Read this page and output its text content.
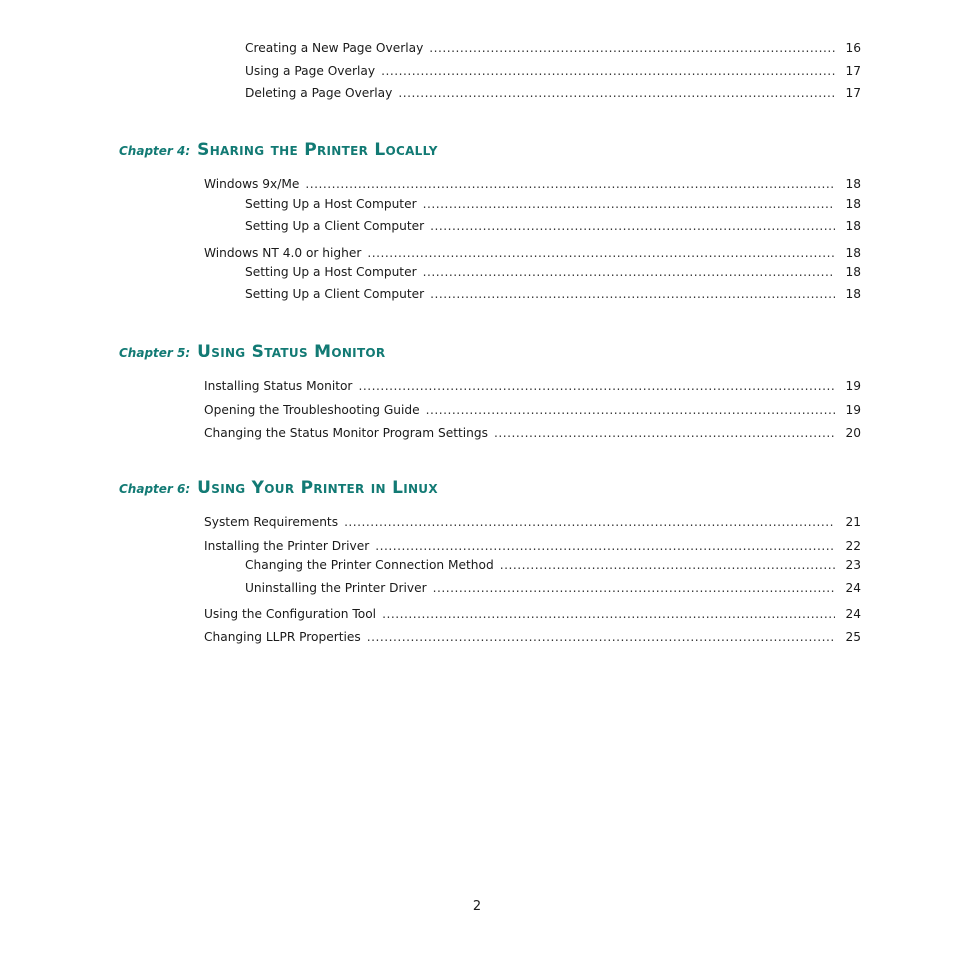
Creating a New Page Overlay .....	16
Using a Page Overlay .....	17
Deleting a Page Overlay .....	17
Chapter 4: Sharing the Printer Locally
Windows 9x/Me .....	18
Setting Up a Host Computer .....	18
Setting Up a Client Computer .....	18
Windows NT 4.0 or higher .....	18
Setting Up a Host Computer .....	18
Setting Up a Client Computer .....	18
Chapter 5: Using Status Monitor
Installing Status Monitor .....	19
Opening the Troubleshooting Guide .....	19
Changing the Status Monitor Program Settings .....	20
Chapter 6: Using Your Printer in Linux
System Requirements .....	21
Installing the Printer Driver .....	22
Changing the Printer Connection Method .....	23
Uninstalling the Printer Driver .....	24
Using the Configuration Tool .....	24
Changing LLPR Properties .....	25
2
